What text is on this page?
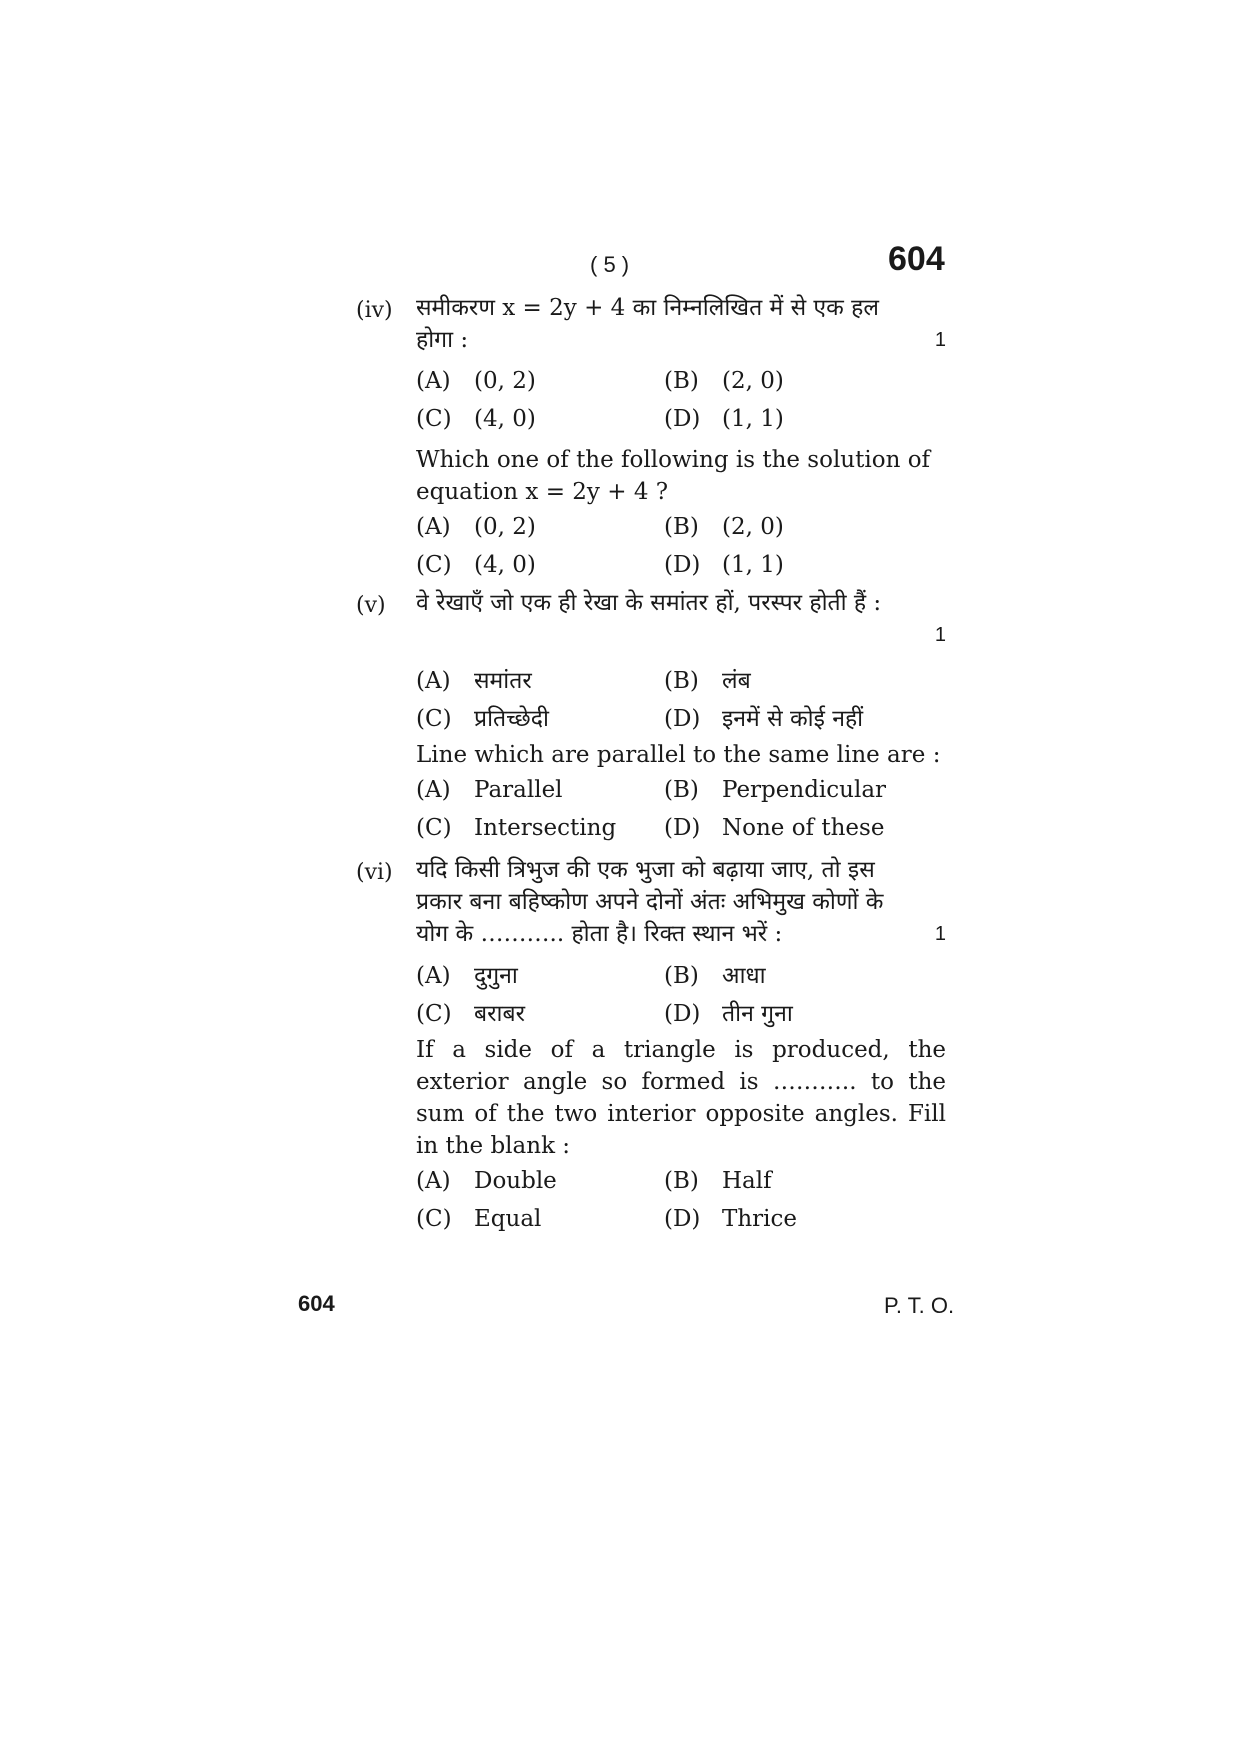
( 5 )	604
(iv) समीकरण x = 2y + 4 का निम्नलिखित में से एक हल
होगा :	1
(A) (0, 2)	(B) (2, 0)
(C) (4, 0)	(D) (1, 1)
Which one of the following is the solution of
equation x = 2y + 4 ?
(A) (0, 2)	(B) (2, 0)
(C) (4, 0)	(D) (1, 1)
(v) वे रेखाएँ जो एक ही रेखा के समांतर हों, परस्पर होती हैं :
1
(A) समांतर	(B) लंब
(C) प्रतिच्छेदी	(D) इनमें से कोई नहीं
Line which are parallel to the same line are :
(A) Parallel	(B) Perpendicular
(C) Intersecting (D) None of these
(vi) यदि किसी त्रिभुज की एक भुजा को बढ़ाया जाए, तो इस
प्रकार बना बहिष्कोण अपने दोनों अंतः अभिमुख कोणों के
योग के ……….. होता है। रिक्त स्थान भरें :	1
(A) दुगुना	(B) आधा
(C) बराबर	(D) तीन गुना
If a side of a triangle is produced, the
exterior angle so formed is ……….. to the
sum of the two interior opposite angles. Fill
in the blank :
(A) Double	(B) Half
(C) Equal	(D) Thrice
604	P. T. O.
